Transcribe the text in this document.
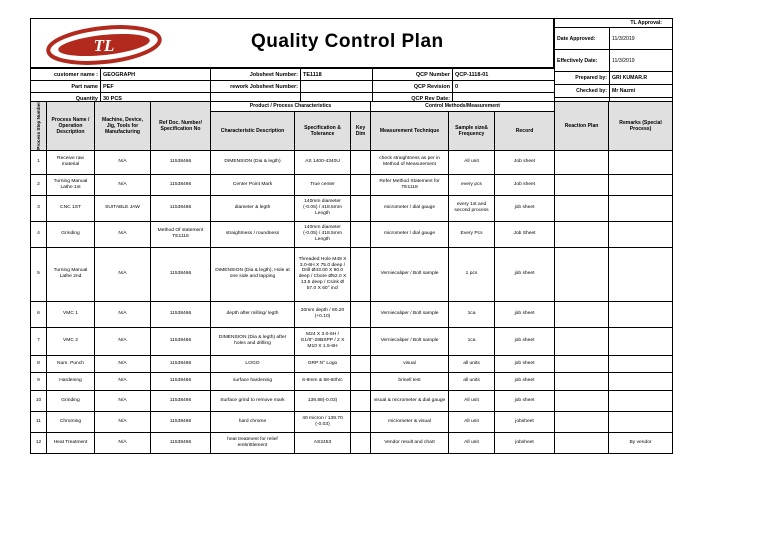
TL	Quality Control Plan
TL Approval:	
Date Approved:	11/3/2019
Effectively Date:	11/3/2019
Prepared by:	GRI KUMAR.R
Checked by:	Mr Nazmi

customer name :	GEOGRAPH	Jobsheet Number:	TE1118	QCP Number	QCP-1118-01
Part name	PEF	rework Jobsheet Number:		QCP Revision	0
Quantity	30 PCS			QCP Rev Date:	
Process Step Number	Process Name / Operation Description	Machine, Device, Jig, Tools for Manufacturing	Ref Doc. Number/ Specification No	Product / Process Characteristics			Control Methods/Measurement			Reaction Plan	Remarks (Special Process)
				Characteristic Description	Specification & Tolerance	Key Dim	Measurement Technique	Sample size& Frequency	Record		
1	Receive raw material	N/A	11538466	DIMENSION (Dia & legth)	AS 1400-4340U		check straightness as per in Method of Measurement	All unit	Job sheet		
2	Turning Manual Lathe 1st	N/A	11538466	Center Point Mark	True center		Refer Method Statement for TE1118	every pcs	Job sheet		
3	CNC 1ST	SUITABLE JAW	11538466	diameter & legth	140mm diameter (-0.05) / 418.5mm Length		micrometer / dial gauge	every 1st and second process	job sheet		
4	Grinding	N/A	Method Of statement TE1118	straightness / roundness	140mm diameter (-0.05) / 418.5mm Length		micrometer / dial gauge	Every Pcs	Job Sheet		
5	Turning Manual Lathe 2nd	N/A	11538466	DIMENSION (Dia & legth), Hole at one side and tapping	Threaded Hole M48 X 3.0-6H X 75.0 deep / Drill Ø43.00 X 90.0 deep / Cbore Ø52.0 X 13.5 deep / Csink Ø 57.0 X 60° incl		Verniecaliper / Bolt sample	1 pcs	job sheet		
6	VMC 1	N/A	11538466	depth after milling/ legth	20mm depth / 80.20 (+0.10)		Verniecaliper / Bolt sample	1ca	job sheet		
7	VMC 2	N/A	11538466	DIMENSION (Dia & legth) after holes and drilling	M24 X 3.0-6H / G1/8"-28BSPP / 2 X M10 X 1.5-6H		Verniecaliper / Bolt sample	1ca	job sheet		
8	Num. Punch	N/A	11538466	LOGO	GRP N° Logo		visual	all units	job sheet		
9	Hardening	N/A	11538466	surface hardening	6-8mm & 58-60hrc		brinell test	all units	job sheet		
10	Grinding	N/A	11538466	Surface grind to remove mark	139.88(-0.03)		visual & micrometer & dial gauge	All unit	job sheet		
11	Chroming	N/A	11538466	hard chrome	40 micron / 139.70 (-0.03)		micrometer & visual	All unit	jobsheet		
12	Heat Treatment	N/A	11538466	heat treatment for relief embrittlement	AS2453		Vendor result and chart	All unit	jobsheet		By vendor
